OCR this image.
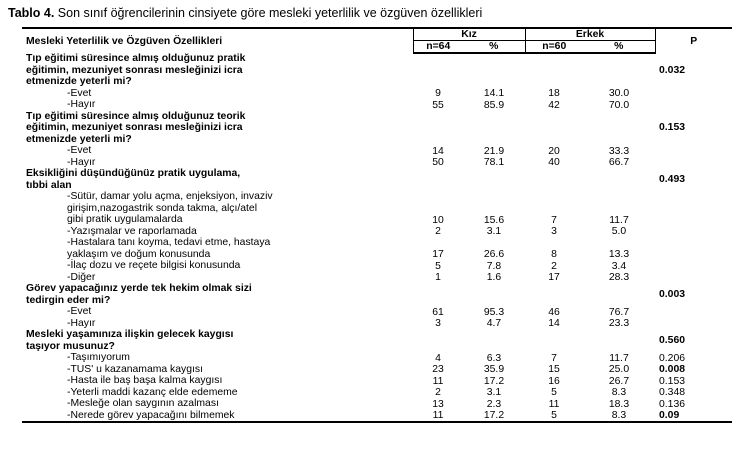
Tablo 4. Son sınıf öğrencilerinin cinsiyete göre mesleki yeterlilik ve özgüven özellikleri
Mesleki Yeterlilik ve Özgüven Özellikleri	Kız		Erkek		P
	n=64	%	n=60	%	
Tıp eğitimi süresince almış olduğunuz pratik eğitimin, mezuniyet sonrası mesleğinizi icra etmenizde yeterli mi?					0.032
-Evet	9	14.1	18	30.0	
-Hayır	55	85.9	42	70.0	
Tıp eğitimi süresince almış olduğunuz teorik eğitimin, mezuniyet sonrası mesleğinizi icra etmenizde yeterli mi?					0.153
-Evet	14	21.9	20	33.3	
-Hayır	50	78.1	40	66.7	
Eksikliğini düşündüğünüz pratik uygulama, tıbbi alan					0.493
-Sütür, damar yolu açma, enjeksiyon, invaziv girişim,nazogastrik sonda takma, alçı/atel gibi pratik uygulamalarda	10	15.6	7	11.7	
-Yazışmalar ve raporlamada	2	3.1	3	5.0	
-Hastalara tanı koyma, tedavi etme, hastaya yaklaşım ve doğum konusunda	17	26.6	8	13.3	
-İlaç dozu ve reçete bilgisi konusunda	5	7.8	2	3.4	
-Diğer	1	1.6	17	28.3	
Görev yapacağınız yerde tek hekim olmak sizi tedirgin eder mi?					0.003
-Evet	61	95.3	46	76.7	
-Hayır	3	4.7	14	23.3	
Mesleki yaşamınıza ilişkin gelecek kaygısı taşıyor musunuz?					0.560
-Taşımıyorum	4	6.3	7	11.7	0.206
-TUS' u kazanamama kaygısı	23	35.9	15	25.0	0.008
-Hasta ile baş başa kalma kaygısı	11	17.2	16	26.7	0.153
-Yeterli maddi kazanç elde edememe	2	3.1	5	8.3	0.348
-Mesleğe olan saygının azalması	13	2.3	11	18.3	0.136
-Nerede görev yapacağını bilmemek	11	17.2	5	8.3	0.09
